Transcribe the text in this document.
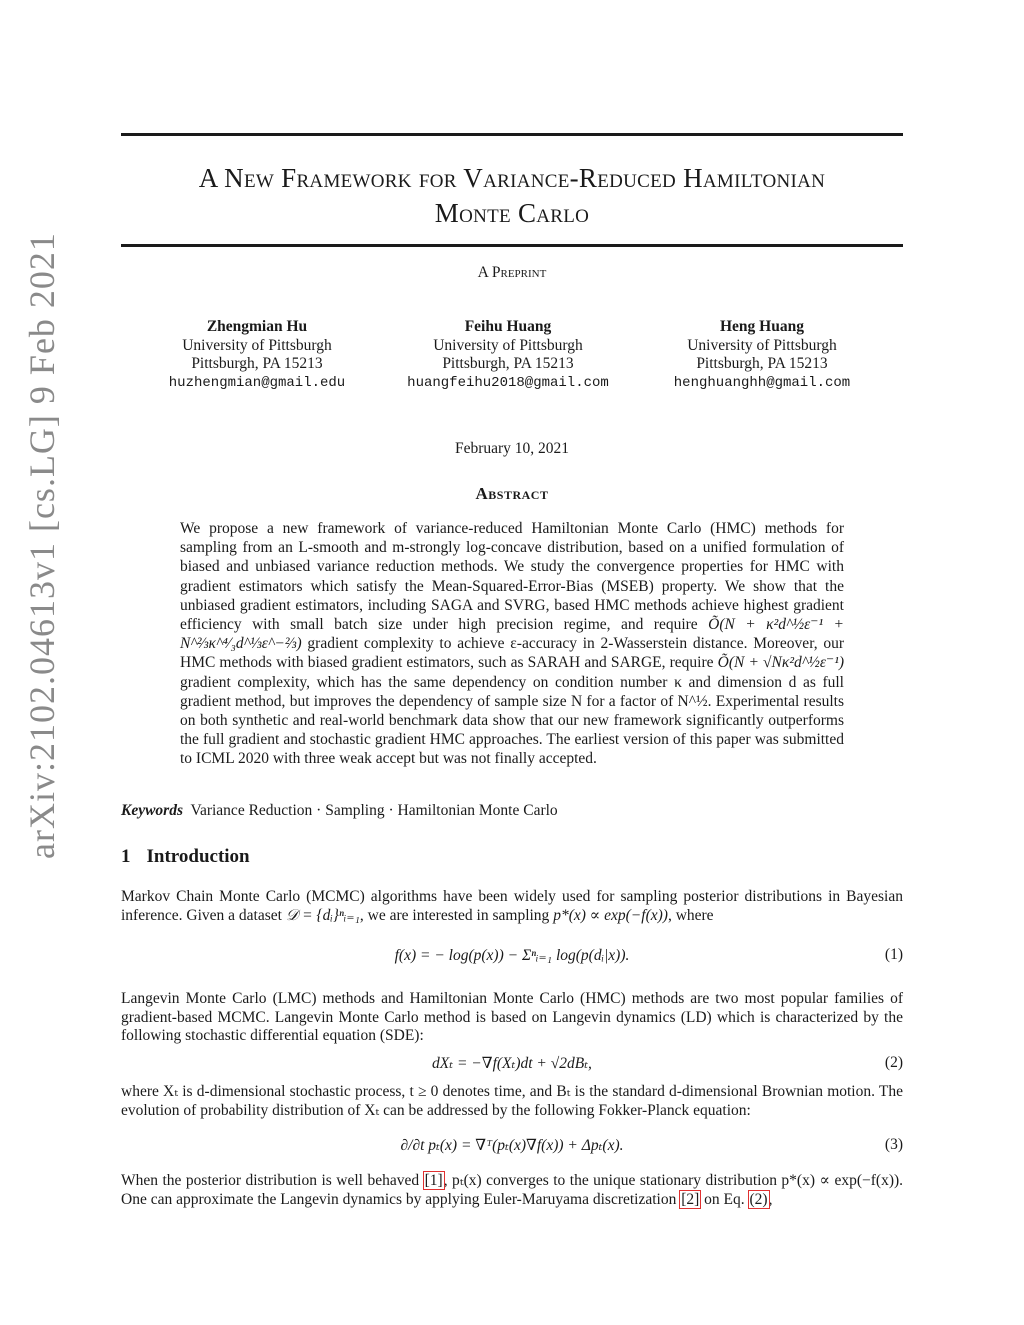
arXiv:2102.04613v1 [cs.LG] 9 Feb 2021
A New Framework for Variance-Reduced Hamiltonian
Monte Carlo
A Preprint
Zhengmian Hu
University of Pittsburgh
Pittsburgh, PA 15213
huzhengmian@gmail.edu
Feihu Huang
University of Pittsburgh
Pittsburgh, PA 15213
huangfeihu2018@gmail.com
Heng Huang
University of Pittsburgh
Pittsburgh, PA 15213
henghuanghh@gmail.com
February 10, 2021
Abstract
We propose a new framework of variance-reduced Hamiltonian Monte Carlo (HMC) methods for sampling from an L-smooth and m-strongly log-concave distribution, based on a unified formulation of biased and unbiased variance reduction methods. We study the convergence properties for HMC with gradient estimators which satisfy the Mean-Squared-Error-Bias (MSEB) property. We show that the unbiased gradient estimators, including SAGA and SVRG, based HMC methods achieve highest gradient efficiency with small batch size under high precision regime, and require Õ(N + κ²d^½ε⁻¹ + N^⅔κ^⁴⁄₃d^⅓ε^−⅔) gradient complexity to achieve ε-accuracy in 2-Wasserstein distance. Moreover, our HMC methods with biased gradient estimators, such as SARAH and SARGE, require Õ(N + √Nκ²d^½ε⁻¹) gradient complexity, which has the same dependency on condition number κ and dimension d as full gradient method, but improves the dependency of sample size N for a factor of N^½. Experimental results on both synthetic and real-world benchmark data show that our new framework significantly outperforms the full gradient and stochastic gradient HMC approaches. The earliest version of this paper was submitted to ICML 2020 with three weak accept but was not finally accepted.
Keywords Variance Reduction · Sampling · Hamiltonian Monte Carlo
1 Introduction
Markov Chain Monte Carlo (MCMC) algorithms have been widely used for sampling posterior distributions in Bayesian inference. Given a dataset 𝒟 = {dᵢ}ⁿᵢ₌₁, we are interested in sampling p*(x) ∝ exp(−f(x)), where
f(x) = − log(p(x)) − Σⁿᵢ₌₁ log(p(dᵢ|x)).	(1)
Langevin Monte Carlo (LMC) methods and Hamiltonian Monte Carlo (HMC) methods are two most popular families of gradient-based MCMC. Langevin Monte Carlo method is based on Langevin dynamics (LD) which is characterized by the following stochastic differential equation (SDE):
dXₜ = −∇f(Xₜ)dt + √2dBₜ,	(2)
where Xₜ is d-dimensional stochastic process, t ≥ 0 denotes time, and Bₜ is the standard d-dimensional Brownian motion. The evolution of probability distribution of Xₜ can be addressed by the following Fokker-Planck equation:
∂/∂t pₜ(x) = ∇ᵀ(pₜ(x)∇f(x)) + Δpₜ(x).	(3)
When the posterior distribution is well behaved [1], pₜ(x) converges to the unique stationary distribution p*(x) ∝ exp(−f(x)). One can approximate the Langevin dynamics by applying Euler-Maruyama discretization [2] on Eq. (2),
